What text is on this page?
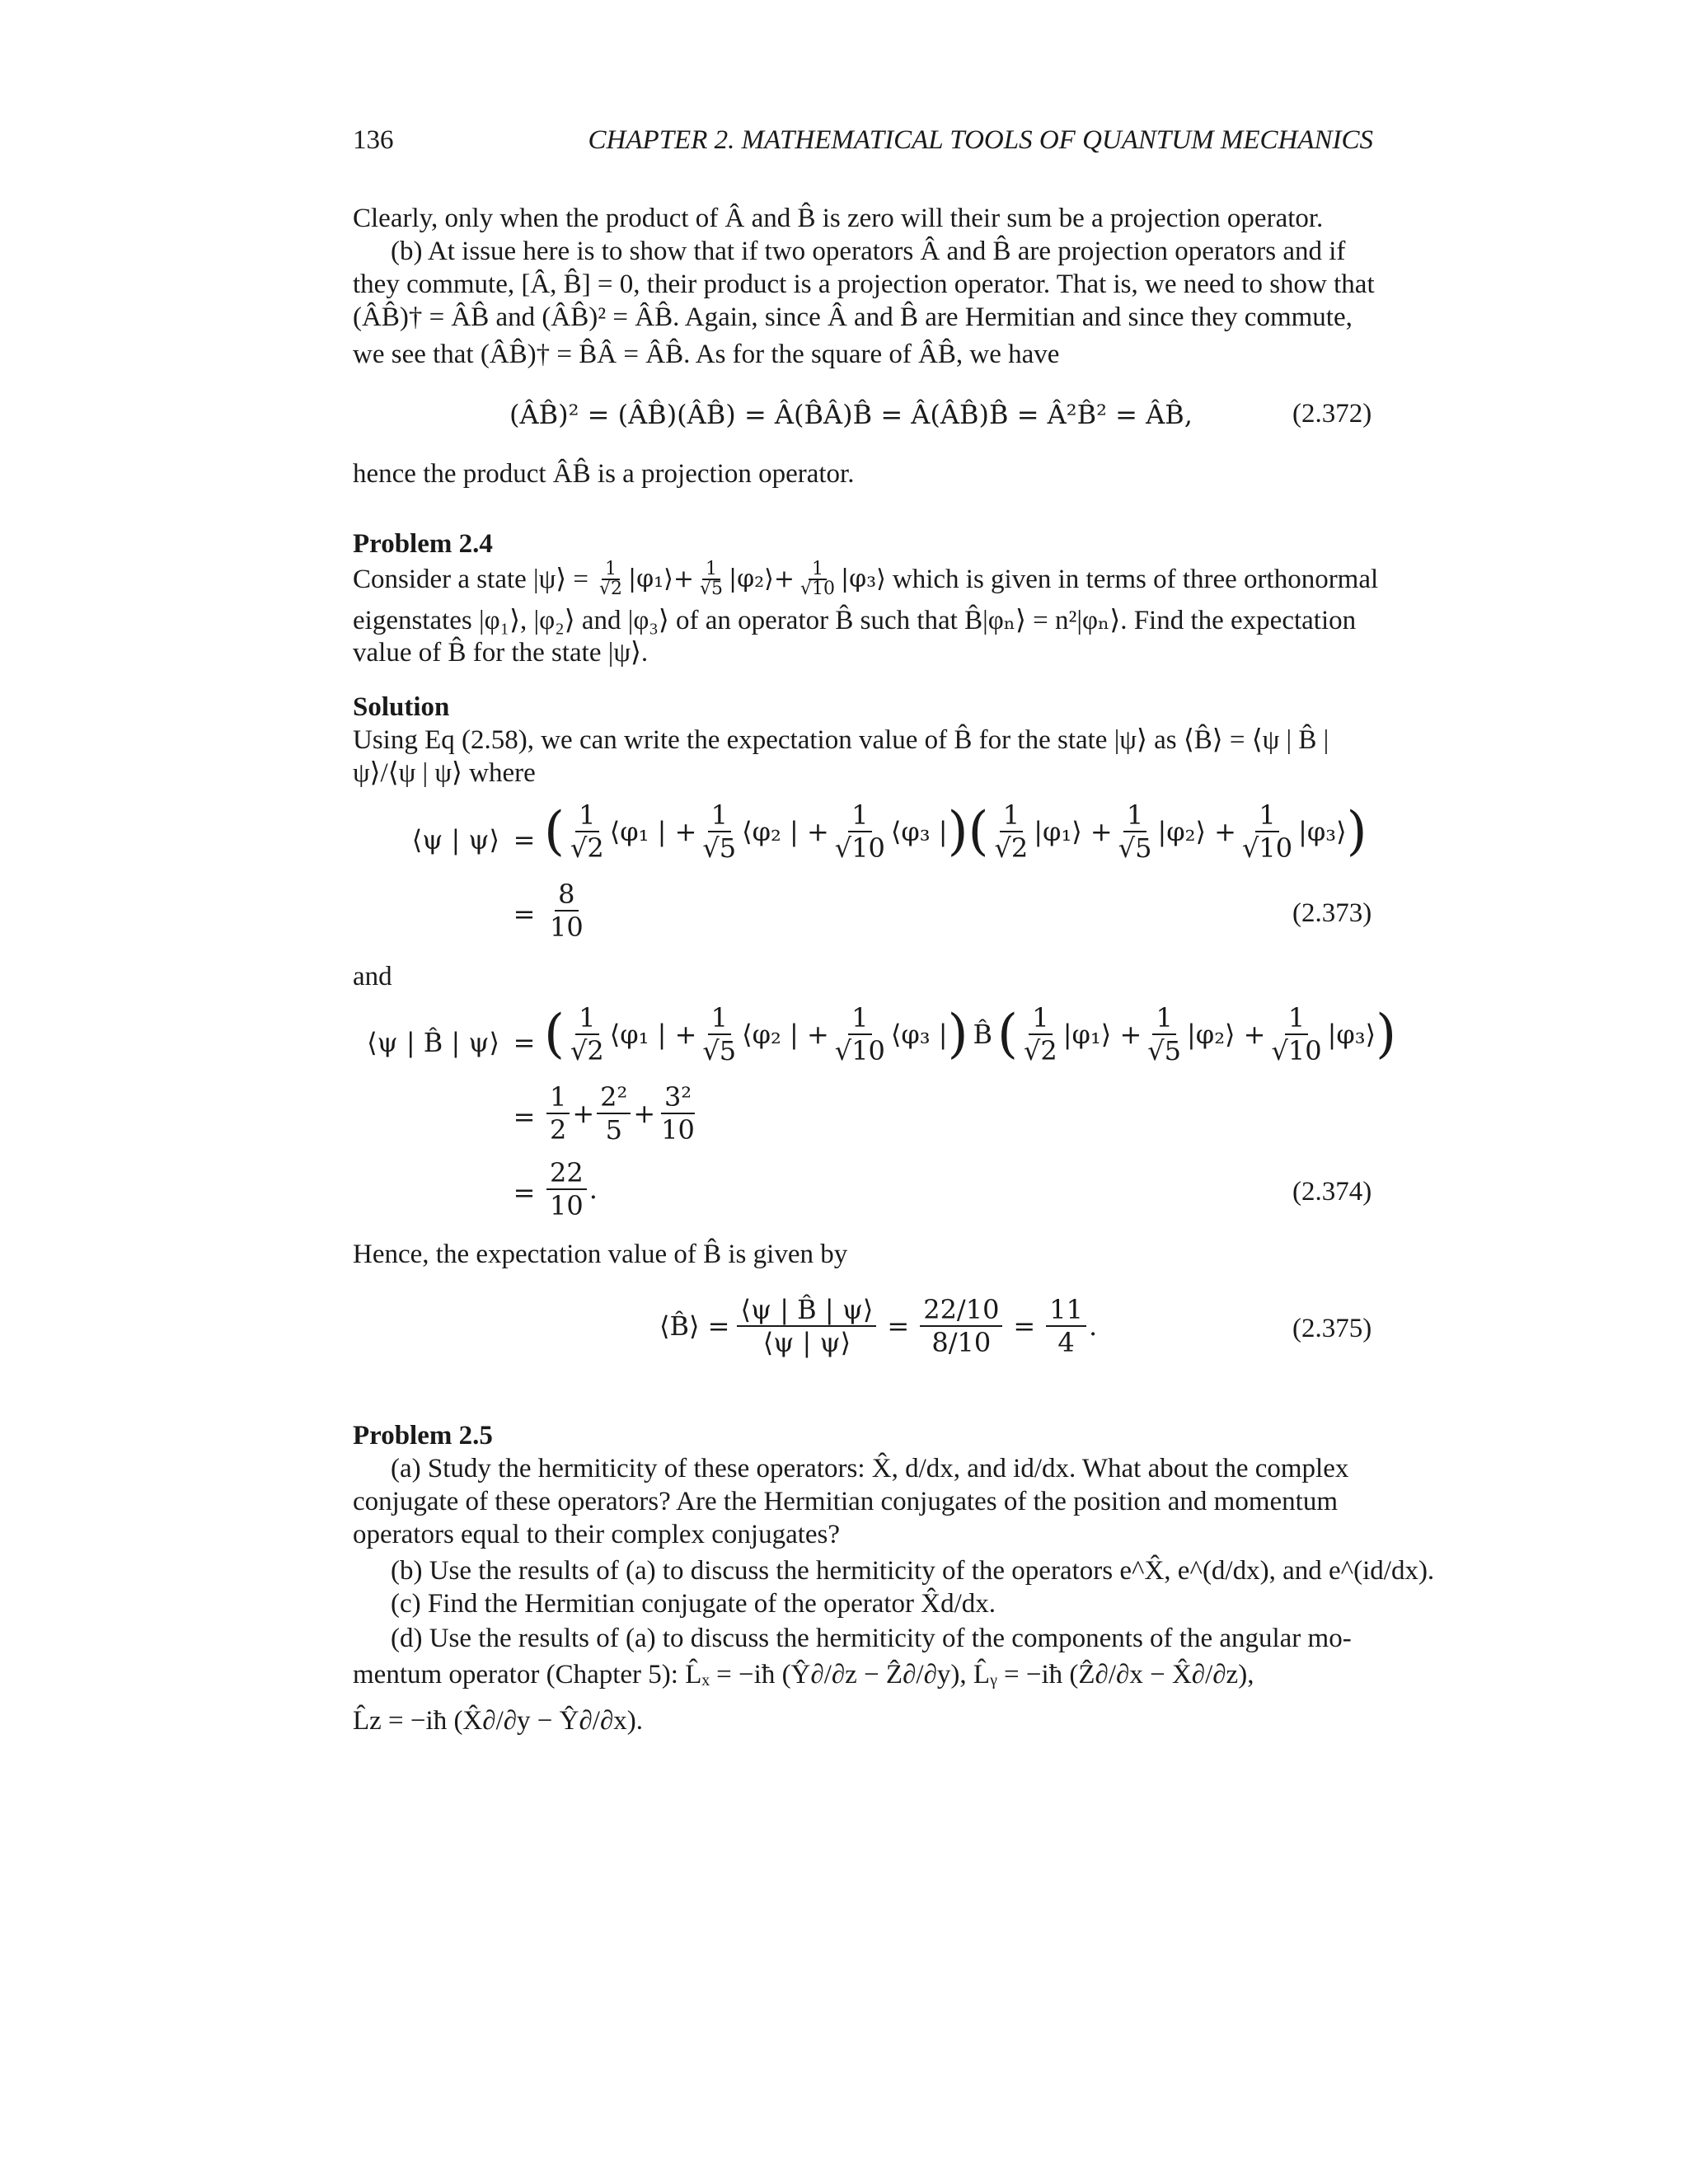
136	CHAPTER 2. MATHEMATICAL TOOLS OF QUANTUM MECHANICS
Clearly, only when the product of Â and B̂ is zero will their sum be a projection operator.
(b) At issue here is to show that if two operators Â and B̂ are projection operators and if
they commute, [Â, B̂] = 0, their product is a projection operator. That is, we need to show that
(ÂB̂)† = ÂB̂ and (ÂB̂)² = ÂB̂. Again, since Â and B̂ are Hermitian and since they commute,
we see that (ÂB̂)† = B̂Â = ÂB̂. As for the square of ÂB̂, we have
(ÂB̂)² = (ÂB̂)(ÂB̂) = Â(B̂Â)B̂ = Â(ÂB̂)B̂ = Â²B̂² = ÂB̂,	(2.372)
hence the product ÂB̂ is a projection operator.
Problem 2.4
Consider a state |ψ⟩ = $\frac{1}{√2}$ |φ₁⟩+ $\frac{1}{√5}$ |φ₂⟩+ $\frac{1}{√10}$ |φ₃⟩ which is given in terms of three orthonormal
eigenstates |φ₁⟩, |φ₂⟩ and |φ₃⟩ of an operator B̂ such that B̂|φₙ⟩ = n²|φₙ⟩. Find the expectation
value of B̂ for the state |ψ⟩.
Solution
Using Eq (2.58), we can write the expectation value of B̂ for the state |ψ⟩ as ⟨B̂⟩ = ⟨ψ | B̂ |
ψ⟩/⟨ψ | ψ⟩ where
⟨ψ | ψ⟩ = ( $\frac{1}{√2}$ ⟨φ₁ | + $\frac{1}{√5}$ ⟨φ₂ | + $\frac{1}{√10}$ ⟨φ₃ | ) ( $\frac{1}{√2}$ |φ₁⟩ + $\frac{1}{√5}$ |φ₂⟩ + $\frac{1}{√10}$ |φ₃⟩ )
= $\frac{8}{10}$	(2.373)
and
⟨ψ | B̂ | ψ⟩ = ( $\frac{1}{√2}$ ⟨φ₁ | + $\frac{1}{√5}$ ⟨φ₂ | + $\frac{1}{√10}$ ⟨φ₃ | ) B̂ ( $\frac{1}{√2}$ |φ₁⟩ + $\frac{1}{√5}$ |φ₂⟩ + $\frac{1}{√10}$ |φ₃⟩ )
= $\frac{1}{2} + \frac{\text{2²}}{5} + \frac{\text{3²}}{10}$
= $\frac{22}{10}$ .	(2.374)
Hence, the expectation value of B̂ is given by
⟨B̂⟩ = $\frac{⟨\psi | B̂ | \psi⟩}{⟨\psi | \psi⟩} = \frac{22/10}{8/10} = \frac{11}{4}$ .	(2.375)
Problem 2.5
(a) Study the hermiticity of these operators: X̂, d/dx, and id/dx. What about the complex
conjugate of these operators? Are the Hermitian conjugates of the position and momentum
operators equal to their complex conjugates?
(b) Use the results of (a) to discuss the hermiticity of the operators e^X̂, e^(d/dx), and e^(id/dx).
(c) Find the Hermitian conjugate of the operator X̂d/dx.
(d) Use the results of (a) to discuss the hermiticity of the components of the angular mo-
mentum operator (Chapter 5): L̂ₓ = −iħ (Ŷ∂/∂z − Ẑ∂/∂y), L̂ᵧ = −iħ (Ẑ∂/∂x − X̂∂/∂z),
L̂z = −iħ (X̂∂/∂y − Ŷ∂/∂x).
